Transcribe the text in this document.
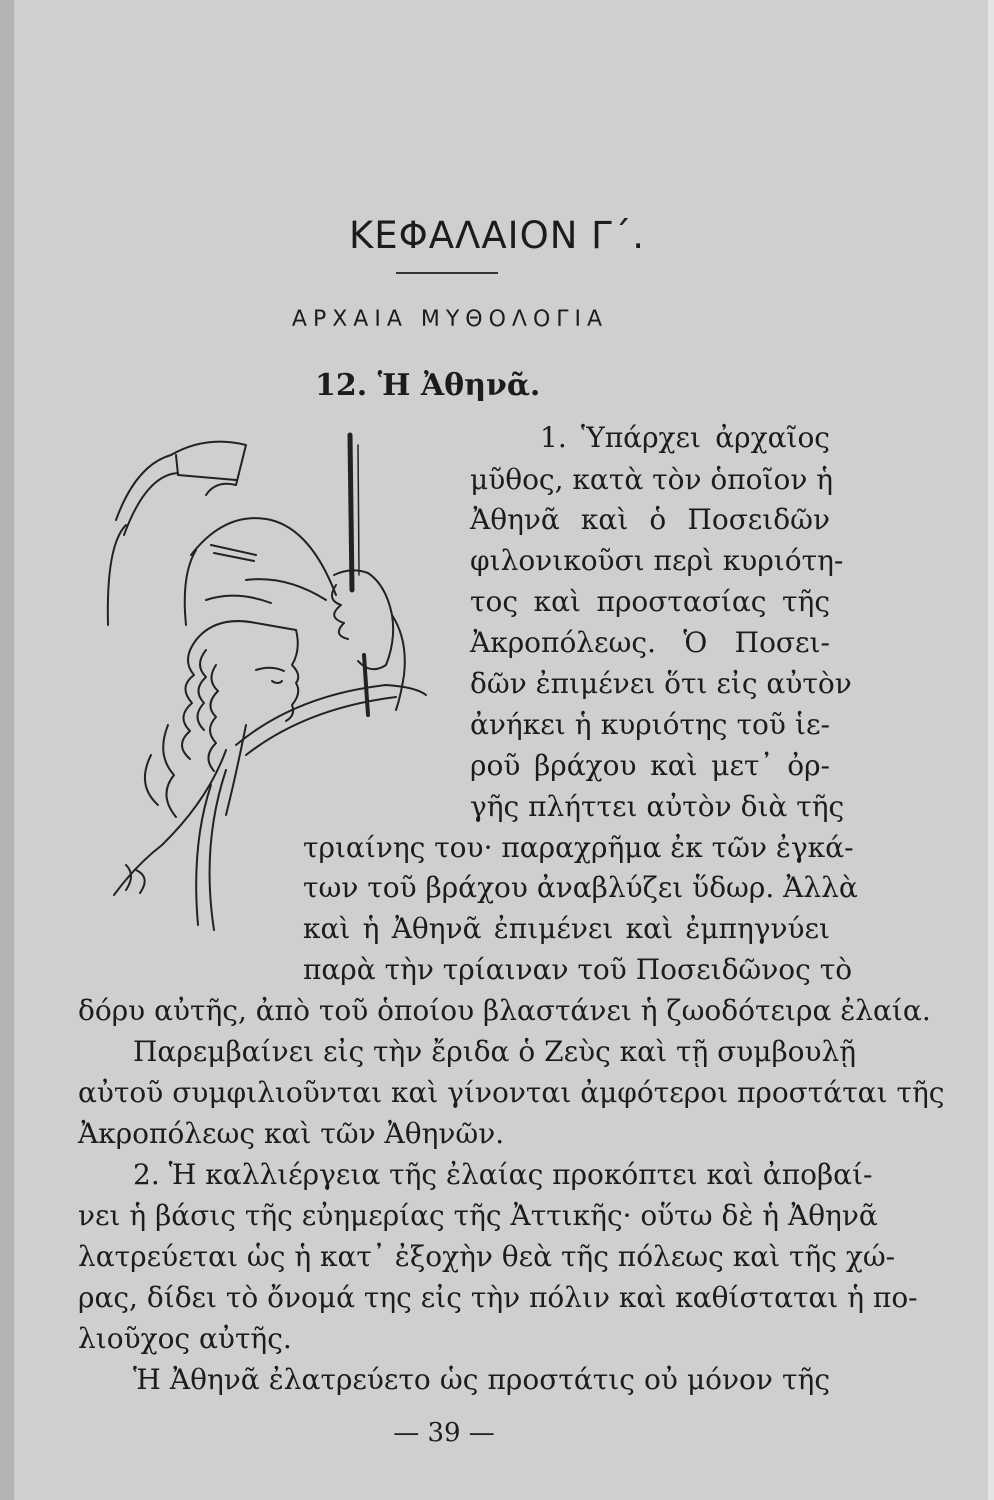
ΚΕΦΑΛΑΙΟΝ Γ΄.
ΑΡΧΑΙΑ ΜΥΘΟΛΟΓΙΑ
12. Ἡ Ἀθηνᾶ.
1. Ὑπάρχει ἀρχαῖος
μῦθος, κατὰ τὸν ὁποῖον ἡ
Ἀθηνᾶ καὶ ὁ Ποσειδῶν
φιλονικοῦσι περὶ κυριότη-
τος καὶ προστασίας τῆς
Ἀκροπόλεως. Ὁ Ποσει-
δῶν ἐπιμένει ὅτι εἰς αὐτὸν
ἀνήκει ἡ κυριότης τοῦ ἱε-
ροῦ βράχου καὶ μετ᾽ ὀρ-
γῆς πλήττει αὐτὸν διὰ τῆς
τριαίνης του· παραχρῆμα ἐκ τῶν ἐγκά-
των τοῦ βράχου ἀναβλύζει ὕδωρ. Ἀλλὰ
καὶ ἡ Ἀθηνᾶ ἐπιμένει καὶ ἐμπηγνύει
παρὰ τὴν τρίαιναν τοῦ Ποσειδῶνος τὸ
δόρυ αὐτῆς, ἀπὸ τοῦ ὁποίου βλαστάνει ἡ ζωοδότειρα ἐλαία.
Παρεμβαίνει εἰς τὴν ἔριδα ὁ Ζεὺς καὶ τῇ συμβουλῇ
αὐτοῦ συμφιλιοῦνται καὶ γίνονται ἀμφότεροι προστάται τῆς
Ἀκροπόλεως καὶ τῶν Ἀθηνῶν.
2. Ἡ καλλιέργεια τῆς ἐλαίας προκόπτει καὶ ἀποβαί-
νει ἡ βάσις τῆς εὐημερίας τῆς Ἀττικῆς· οὕτω δὲ ἡ Ἀθηνᾶ
λατρεύεται ὡς ἡ κατ᾽ ἐξοχὴν θεὰ τῆς πόλεως καὶ τῆς χώ-
ρας, δίδει τὸ ὄνομά της εἰς τὴν πόλιν καὶ καθίσταται ἡ πο-
λιοῦχος αὐτῆς.
Ἡ Ἀθηνᾶ ἐλατρεύετο ὡς προστάτις οὐ μόνον τῆς
— 39 —
